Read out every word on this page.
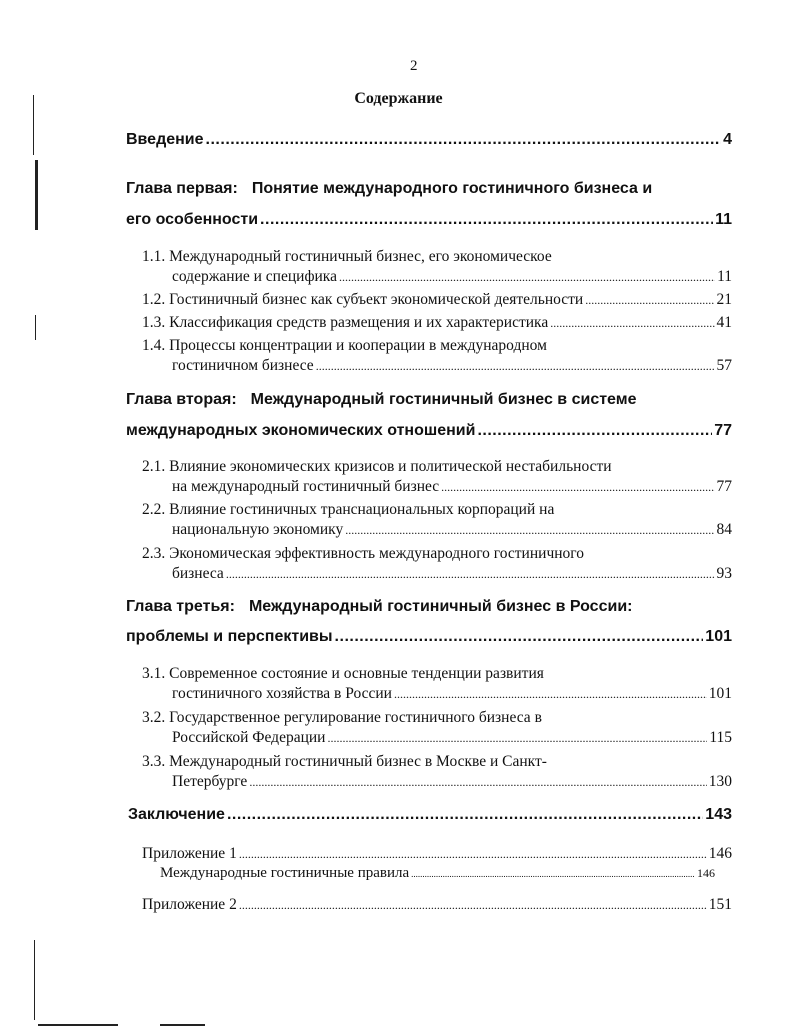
2
Содержание
Введение .....	4
Глава первая: Понятие международного гостиничного бизнеса и
его особенности .....	11
1.1. Международный гостиничный бизнес, его экономическое
содержание и специфика .....	11
1.2. Гостиничный бизнес как субъект экономической деятельности .....	21
1.3. Классификация средств размещения и их характеристика .....	41
1.4. Процессы концентрации и кооперации в международном
гостиничном бизнесе .....	57
Глава вторая: Международный гостиничный бизнес в системе
международных экономических отношений .....	77
2.1. Влияние экономических кризисов и политической нестабильности
на международный гостиничный бизнес .....	77
2.2. Влияние гостиничных транснациональных корпораций на
национальную экономику .....	84
2.3. Экономическая эффективность международного гостиничного
бизнеса .....	93
Глава третья: Международный гостиничный бизнес в России:
проблемы и перспективы .....	101
3.1. Современное состояние и основные тенденции развития
гостиничного хозяйства в России .....	101
3.2. Государственное регулирование гостиничного бизнеса в
Российской Федерации .....	115
3.3. Международный гостиничный бизнес в Москве и Санкт-
Петербурге .....	130
Заключение .....	143
Приложение 1 .....	146
Международные гостиничные правила .....	146
Приложение 2 .....	151
